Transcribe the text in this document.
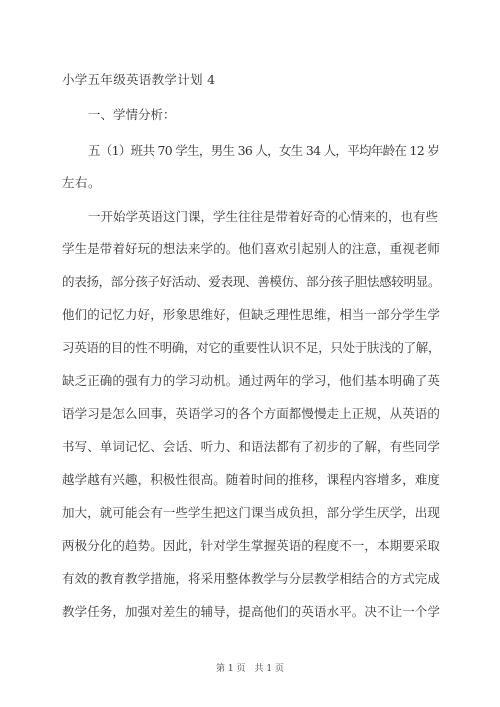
小学五年级英语教学计划 4
一、学情分析：
五（1）班共 70 学生，男生 36 人，女生 34 人，平均年龄在 12 岁
左右。
一开始学英语这门课，学生往往是带着好奇的心情来的，也有些
学生是带着好玩的想法来学的。他们喜欢引起别人的注意，重视老师
的表扬，部分孩子好活动、爱表现、善模仿、部分孩子胆怯感较明显。
他们的记忆力好，形象思维好，但缺乏理性思维，相当一部分学生学
习英语的目的性不明确，对它的重要性认识不足，只处于肤浅的了解，
缺乏正确的强有力的学习动机。通过两年的学习，他们基本明确了英
语学习是怎么回事，英语学习的各个方面都慢慢走上正规，从英语的
书写、单词记忆、会话、听力、和语法都有了初步的了解，有些同学
越学越有兴趣，积极性很高。随着时间的推移，课程内容增多，难度
加大，就可能会有一些学生把这门课当成负担，部分学生厌学，出现
两极分化的趋势。因此，针对学生掌握英语的程度不一，本期要采取
有效的教育教学措施，将采用整体教学与分层教学相结合的方式完成
教学任务，加强对差生的辅导，提高他们的英语水平。决不让一个学
第 1 页　共 1 页
